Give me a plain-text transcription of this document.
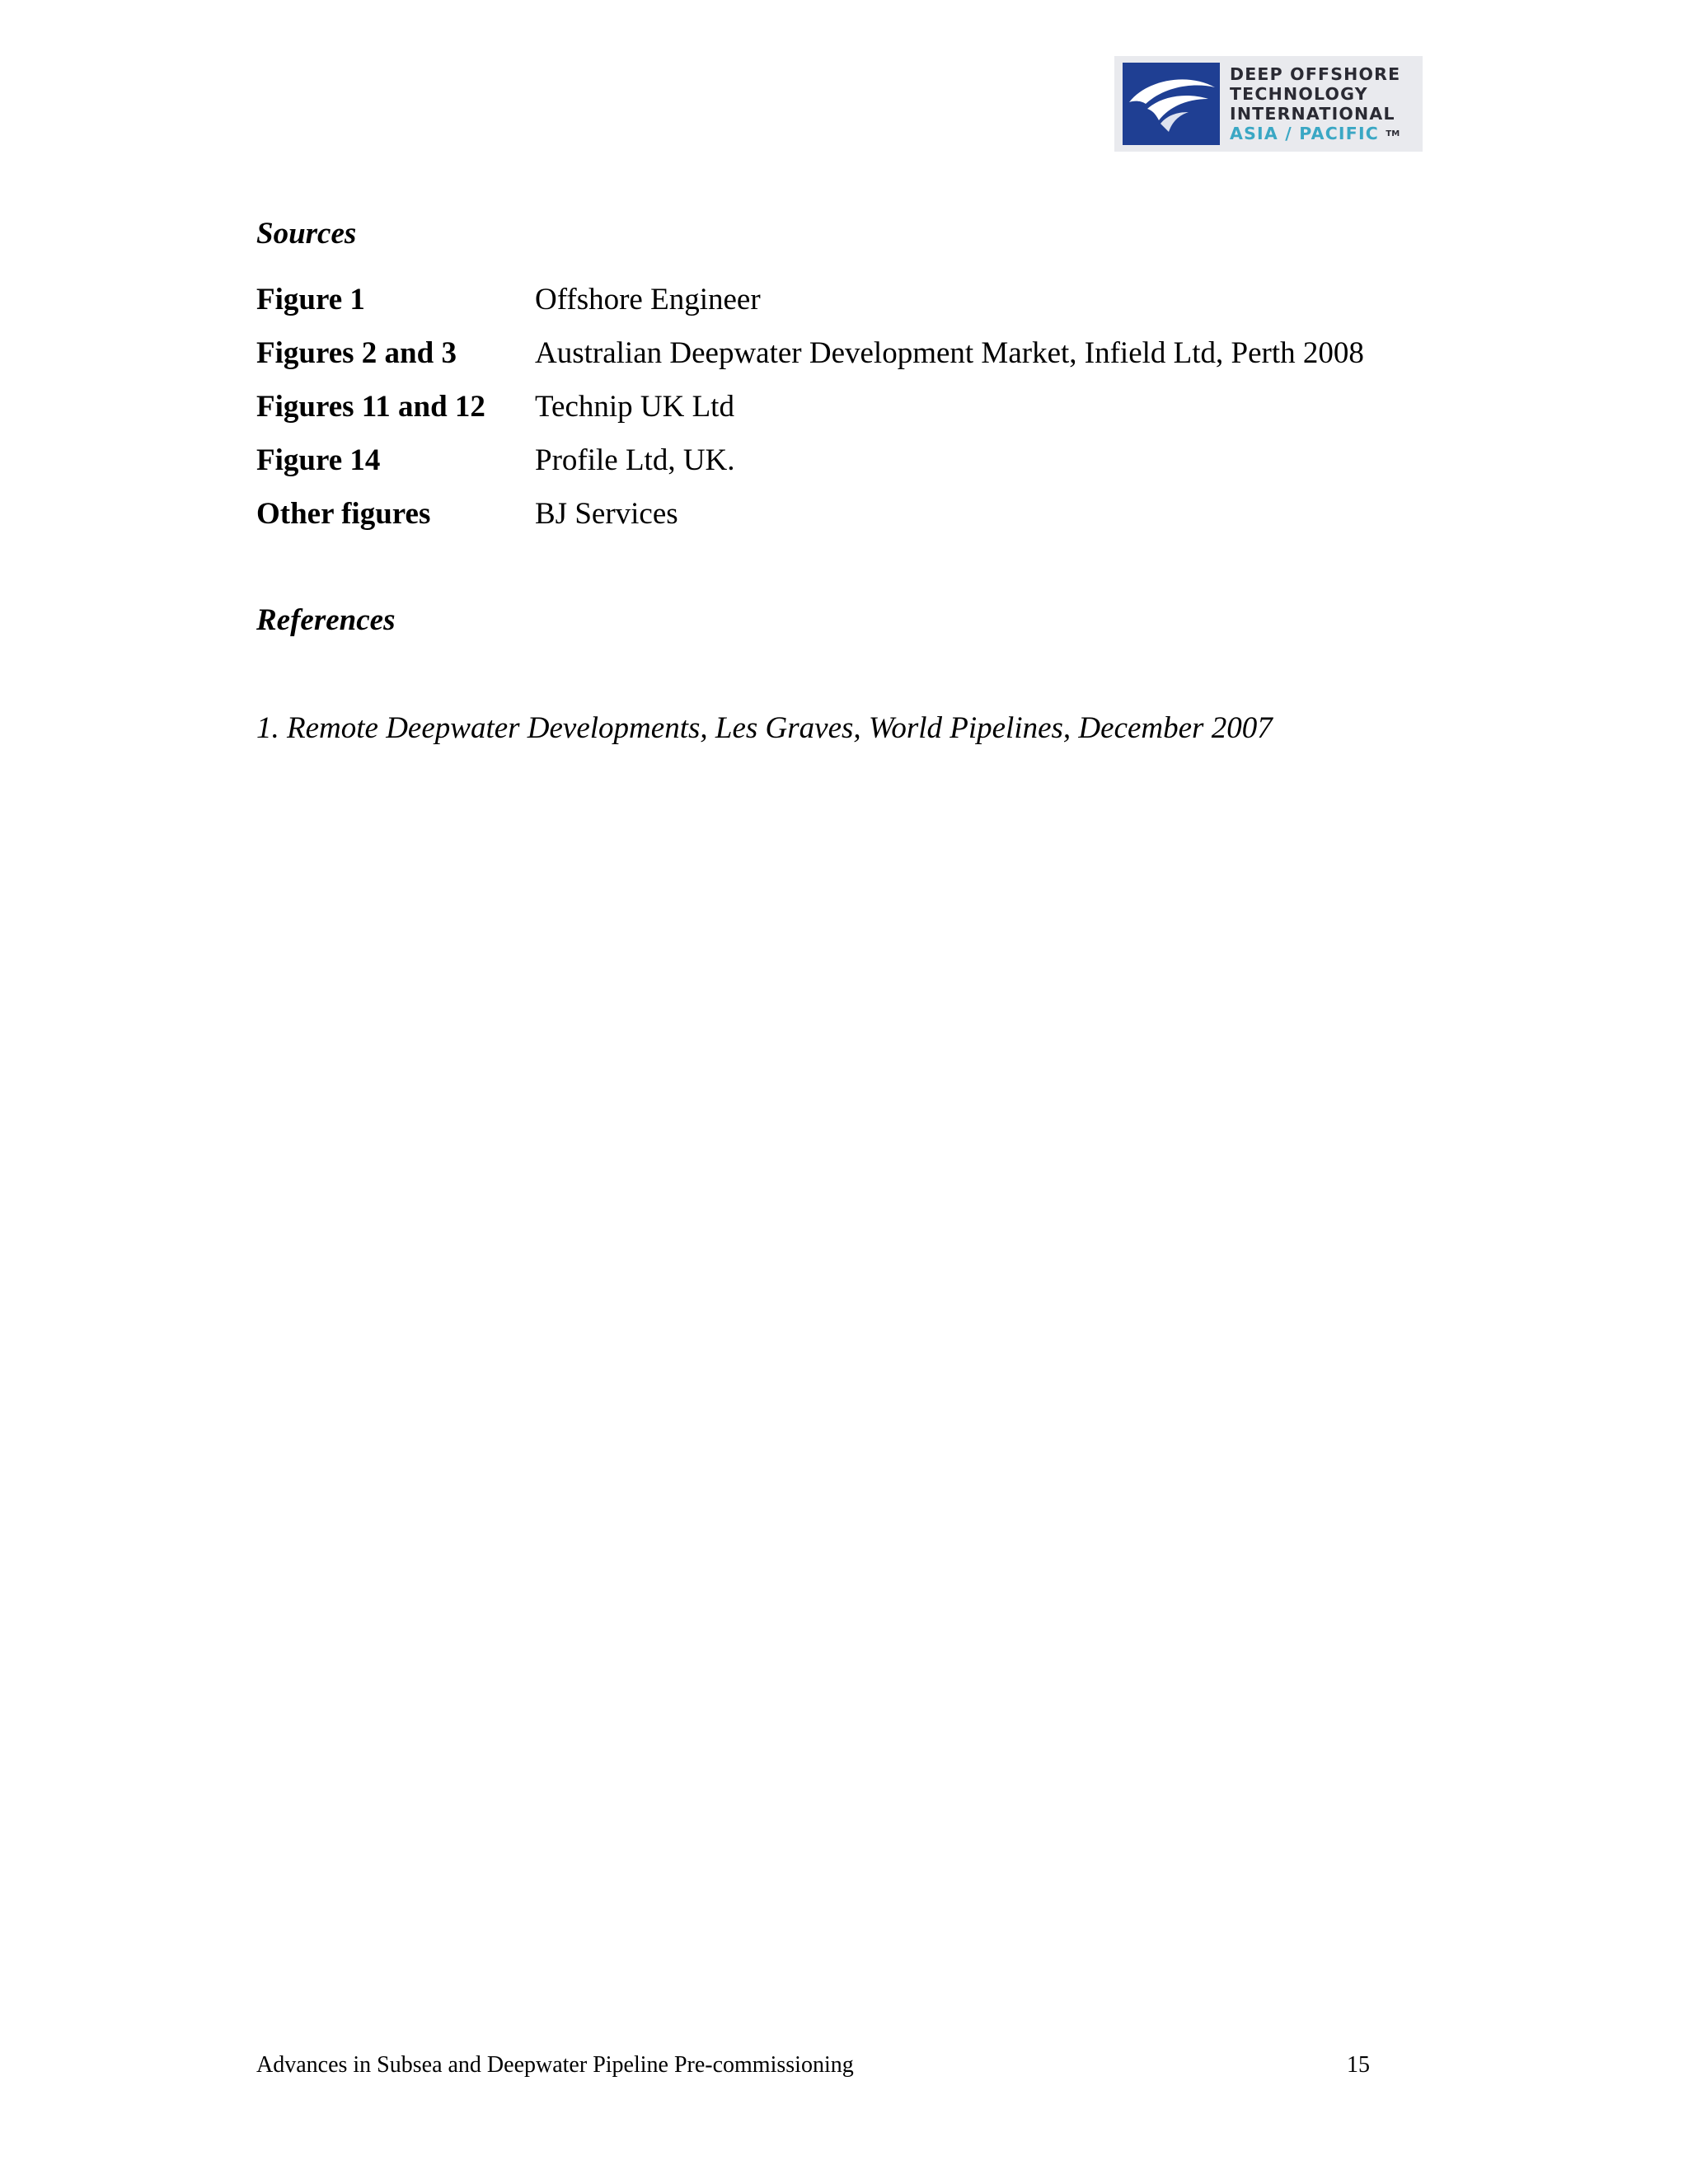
DEEP OFFSHORE
TECHNOLOGY
INTERNATIONAL
ASIA / PACIFIC TM
Sources
Figure 1	Offshore Engineer
Figures 2 and 3	Australian Deepwater Development Market, Infield Ltd, Perth 2008
Figures 11 and 12	Technip UK Ltd
Figure 14	Profile Ltd, UK.
Other figures	BJ Services
References

1. Remote Deepwater Developments, Les Graves, World Pipelines, December 2007

Advances in Subsea and Deepwater Pipeline Pre-commissioning	15
